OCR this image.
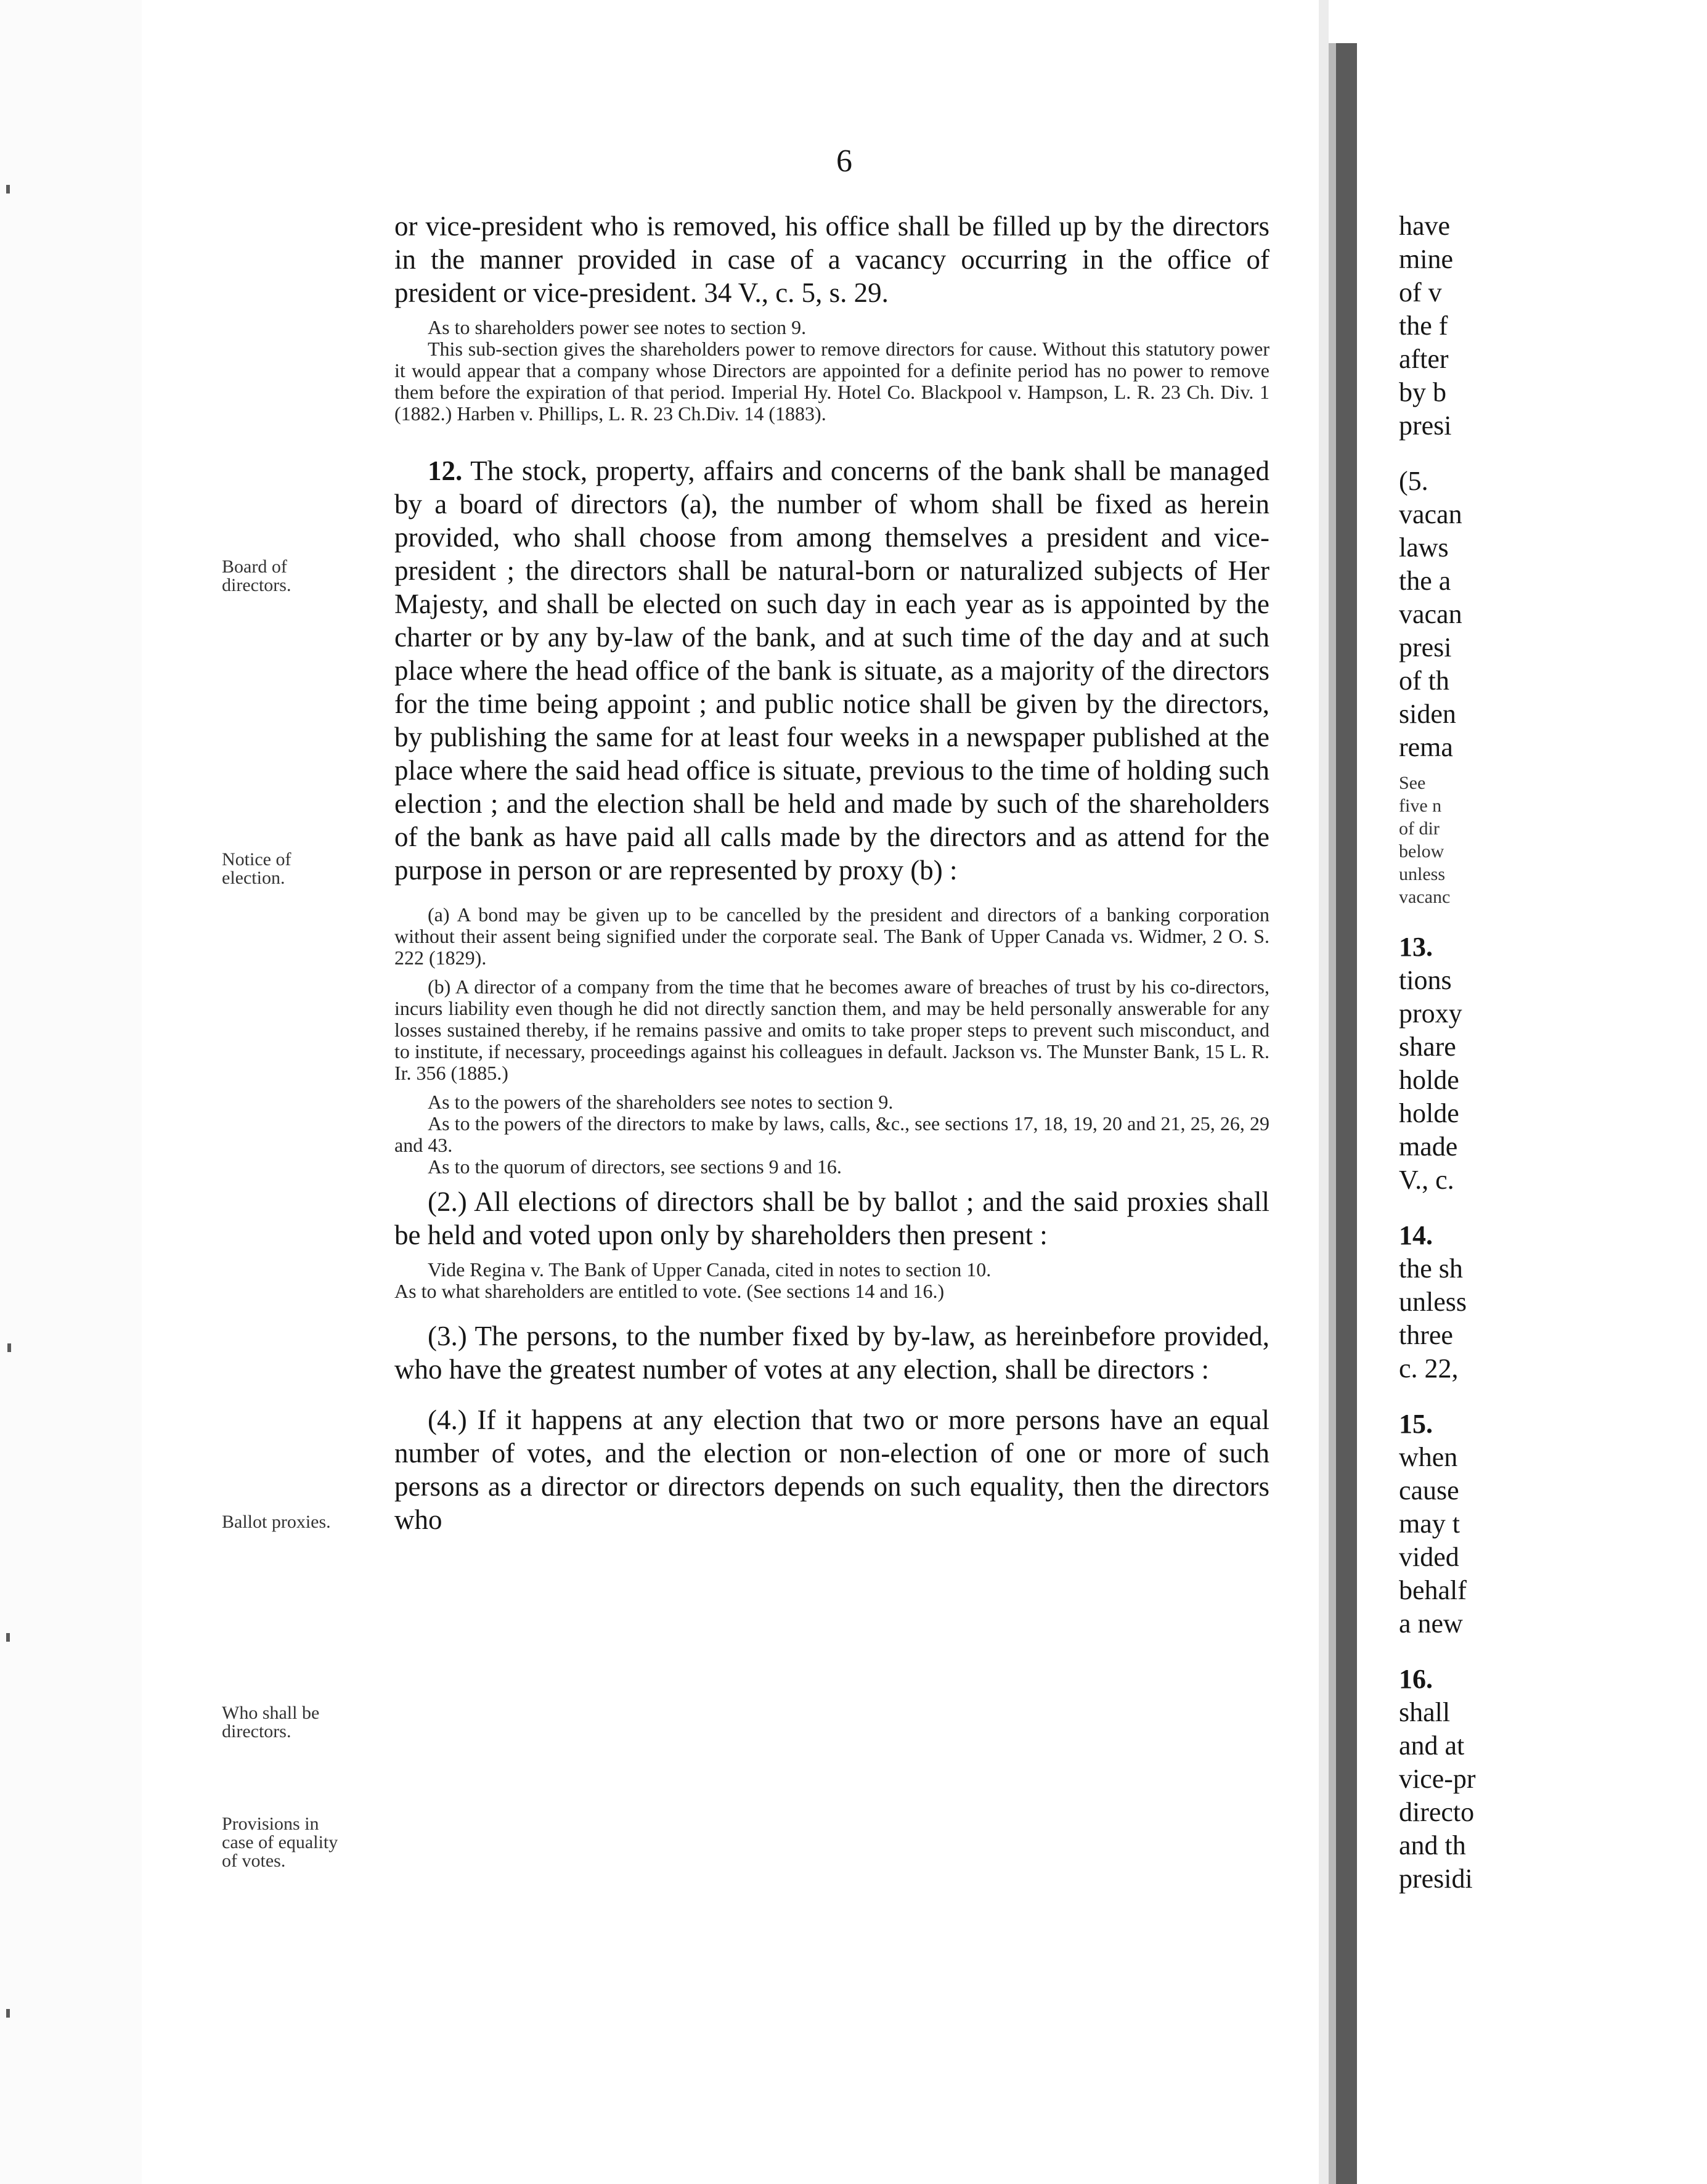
6
Board of directors.
Notice of election.
Ballot proxies.
Who shall be directors.
Provisions in case of equality of votes.

or vice-president who is removed, his office shall be filled up by the directors in the manner provided in case of a vacancy occurring in the office of president or vice-president. 34 V., c. 5, s. 29.

As to shareholders power see notes to section 9.

This sub-section gives the shareholders power to remove directors for cause. Without this statutory power it would appear that a company whose Directors are appointed for a definite period has no power to remove them before the expiration of that period. Imperial Hy. Hotel Co. Blackpool v. Hampson, L. R. 23 Ch. Div. 1 (1882.) Harben v. Phillips, L. R. 23 Ch.Div. 14 (1883).

12. The stock, property, affairs and concerns of the bank shall be managed by a board of directors (a), the number of whom shall be fixed as herein provided, who shall choose from among themselves a president and vice-president ; the directors shall be natural-born or naturalized subjects of Her Majesty, and shall be elected on such day in each year as is appointed by the charter or by any by-law of the bank, and at such time of the day and at such place where the head office of the bank is situate, as a majority of the directors for the time being appoint ; and public notice shall be given by the directors, by publishing the same for at least four weeks in a newspaper published at the place where the said head office is situate, previous to the time of holding such election ; and the election shall be held and made by such of the shareholders of the bank as have paid all calls made by the directors and as attend for the purpose in person or are represented by proxy (b) :

(a) A bond may be given up to be cancelled by the president and directors of a banking corporation without their assent being signified under the corporate seal. The Bank of Upper Canada vs. Widmer, 2 O. S. 222 (1829).

(b) A director of a company from the time that he becomes aware of breaches of trust by his co-directors, incurs liability even though he did not directly sanction them, and may be held personally answerable for any losses sustained thereby, if he remains passive and omits to take proper steps to prevent such misconduct, and to institute, if necessary, proceedings against his colleagues in default. Jackson vs. The Munster Bank, 15 L. R. Ir. 356 (1885.)

As to the powers of the shareholders see notes to section 9.

As to the powers of the directors to make by laws, calls, &c., see sections 17, 18, 19, 20 and 21, 25, 26, 29 and 43.

As to the quorum of directors, see sections 9 and 16.

(2.) All elections of directors shall be by ballot ; and the said proxies shall be held and voted upon only by shareholders then present :

Vide Regina v. The Bank of Upper Canada, cited in notes to section 10.

As to what shareholders are entitled to vote. (See sections 14 and 16.)

(3.) The persons, to the number fixed by by-law, as hereinbefore provided, who have the greatest number of votes at any election, shall be directors :

(4.) If it happens at any election that two or more persons have an equal number of votes, and the election or non-election of one or more of such persons as a director or directors depends on such equality, then the directors who

have
mine
of v
the f
after
by b
presi
(5.
vacan
laws
the a
vacan
presi
of th
siden
rema
See
five n
of dir
below
unless
vacanc
13.
tions
proxy
share
holde
holde
made
V., c.
14.
the sh
unless
three
c. 22,
15.
when
cause
may t
vided
behalf
a new
16.
shall
and at
vice-pr
directo
and th
presidi
